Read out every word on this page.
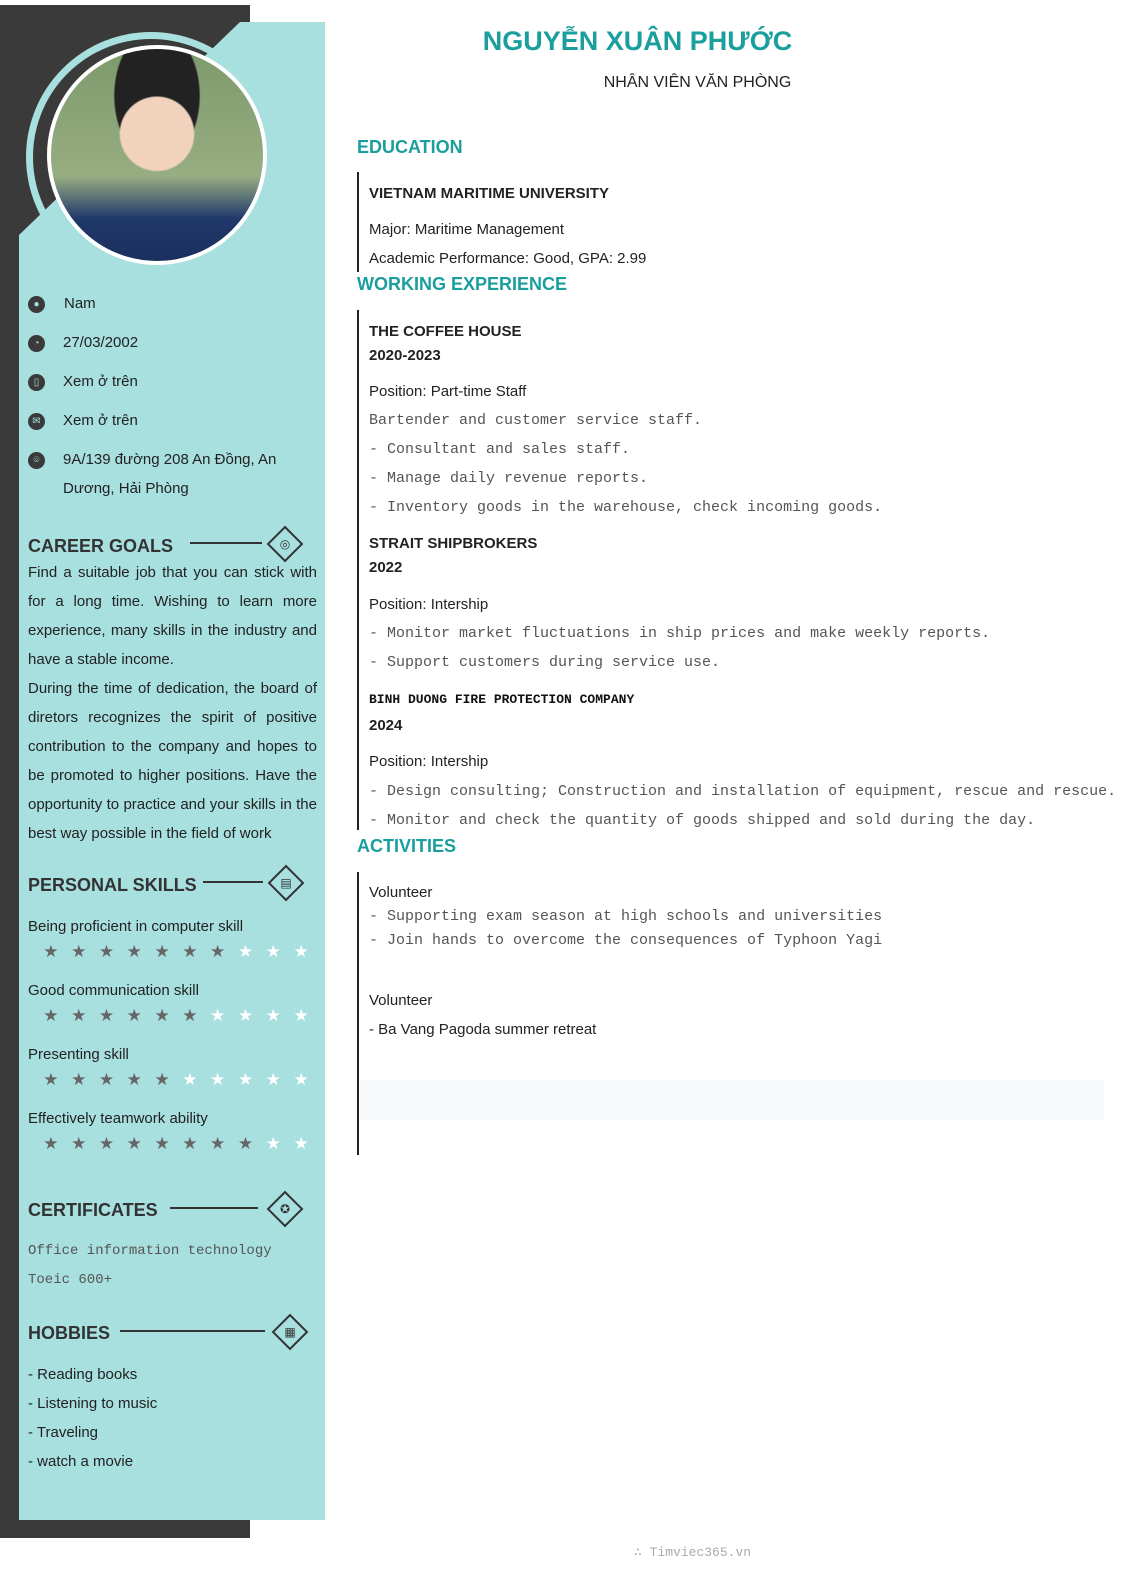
●	Nam
◔	27/03/2002
▯	Xem ở trên
✉ Xem ở trên
⌾	9A/139 đường 208 An Đồng, An Dương, Hải Phòng
CAREER GOALS	◎
Find a suitable job that you can stick with for a long time. Wishing to learn more experience, many skills in the industry and have a stable income.
During the time of dedication, the board of diretors recognizes the spirit of positive contribution to the company and hopes to be promoted to higher positions. Have the opportunity to practice and your skills in the best way possible in the field of work
PERSONAL SKILLS	▤
Being proficient in computer skill
★ ★ ★ ★ ★ ★ ★ ★ ★ ★
Good communication skill
★ ★ ★ ★ ★ ★ ★ ★ ★ ★
Presenting skill
★ ★ ★ ★ ★ ★ ★ ★ ★ ★
Effectively teamwork ability
★ ★ ★ ★ ★ ★ ★ ★ ★ ★
CERTIFICATES	✪
Office information technology
Toeic 600+
HOBBIES	▦
- Reading books
- Listening to music
- Traveling
- watch a movie
NGUYỄN XUÂN PHƯỚC
NHÂN VIÊN VĂN PHÒNG
EDUCATION
VIETNAM MARITIME UNIVERSITY
Major: Maritime Management
Academic Performance: Good, GPA: 2.99
WORKING EXPERIENCE
THE COFFEE HOUSE
2020-2023
Position: Part-time Staff
Bartender and customer service staff.
- Consultant and sales staff.
- Manage daily revenue reports.
- Inventory goods in the warehouse, check incoming goods.
STRAIT SHIPBROKERS
2022
Position: Intership
- Monitor market fluctuations in ship prices and make weekly reports.
- Support customers during service use.
BINH DUONG FIRE PROTECTION COMPANY
2024
Position: Intership
- Design consulting; Construction and installation of equipment, rescue and rescue.
- Monitor and check the quantity of goods shipped and sold during the day.
ACTIVITIES
Volunteer
- Supporting exam season at high schools and universities
- Join hands to overcome the consequences of Typhoon Yagi
Volunteer
- Ba Vang Pagoda summer retreat
∴ Timviec365.vn
